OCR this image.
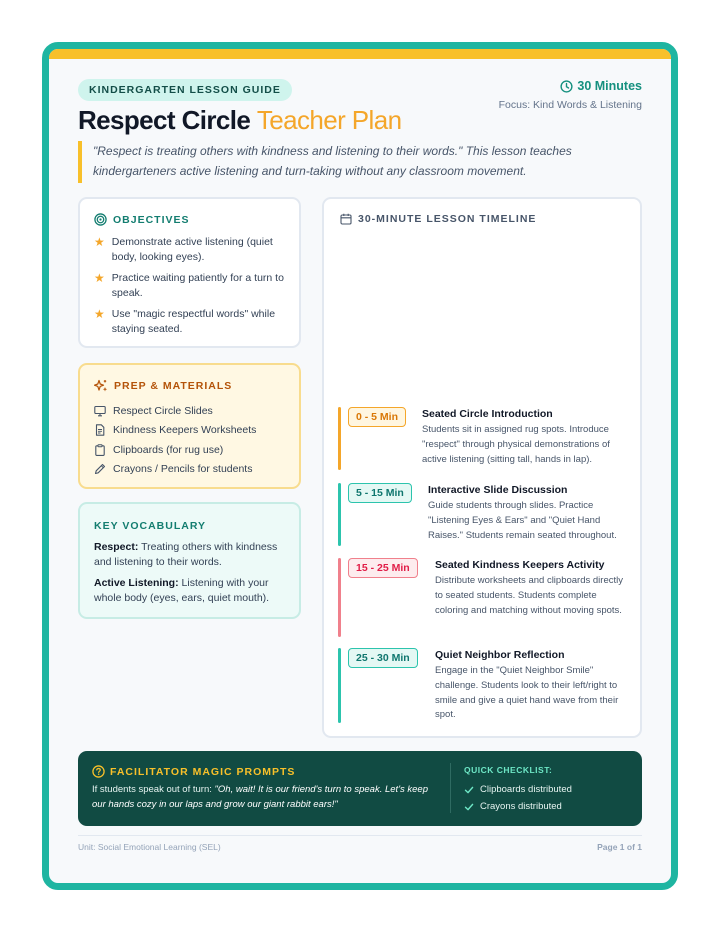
KINDERGARTEN LESSON GUIDE
Respect Circle Teacher Plan
30 Minutes
Focus: Kind Words & Listening
"Respect is treating others with kindness and listening to their words." This lesson teaches kindergarteners active listening and turn-taking without any classroom movement.
OBJECTIVES
★ Demonstrate active listening (quiet body, looking eyes).
★ Practice waiting patiently for a turn to speak.
★ Use "magic respectful words" while staying seated.
PREP & MATERIALS
Respect Circle Slides
Kindness Keepers Worksheets
Clipboards (for rug use)
Crayons / Pencils for students
KEY VOCABULARY

Respect: Treating others with kindness and listening to their words.

Active Listening: Listening with your whole body (eyes, ears, quiet mouth).

30-MINUTE LESSON TIMELINE
0 - 5 Min	Seated Circle Introduction
Students sit in assigned rug spots. Introduce "respect" through physical demonstrations of active listening (sitting tall, hands in lap).
5 - 15 Min	Interactive Slide Discussion
Guide students through slides. Practice "Listening Eyes & Ears" and "Quiet Hand Raises." Students remain seated throughout.
15 - 25 Min	Seated Kindness Keepers Activity
Distribute worksheets and clipboards directly to seated students. Students complete coloring and matching without moving spots.
25 - 30 Min	Quiet Neighbor Reflection
Engage in the "Quiet Neighbor Smile" challenge. Students look to their left/right to smile and give a quiet hand wave from their spot.
FACILITATOR MAGIC PROMPTS
If students speak out of turn: "Oh, wait! It is our friend's turn to speak. Let's keep our hands cozy in our laps and grow our giant rabbit ears!"
QUICK CHECKLIST:
Clipboards distributed
Crayons distributed
Unit: Social Emotional Learning (SEL)	Page 1 of 1
